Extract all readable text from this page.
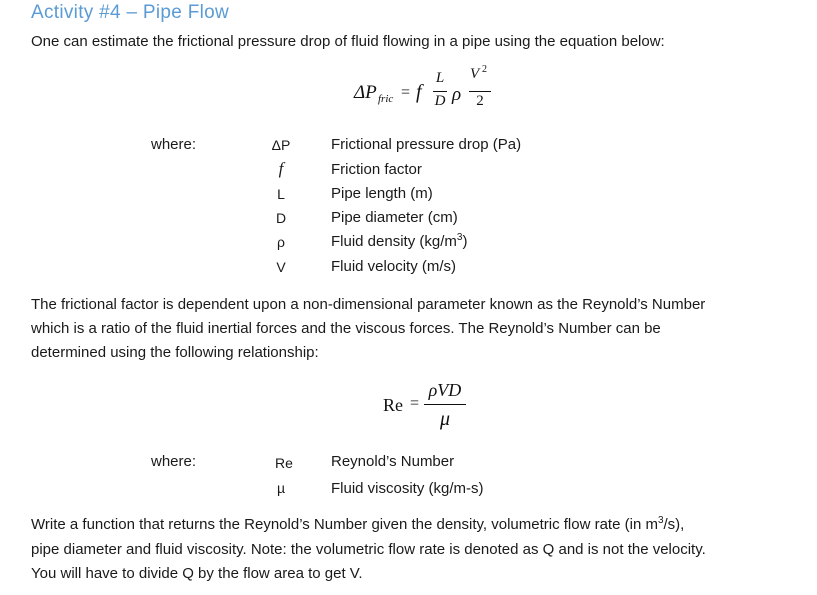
Activity #4 – Pipe Flow
One can estimate the frictional pressure drop of fluid flowing in a pipe using the equation below:
ΔP fric = f
L
D ρ
V 2
2
where:	ΔP	Frictional pressure drop (Pa)
f	Friction factor
L	Pipe length (m)
D	Pipe diameter (cm)
ρ	Fluid density $(kg/m^3)$
V	Fluid velocity (m/s)
The frictional factor is dependent upon a non-dimensional parameter known as the Reynold’s Number
which is a ratio of the fluid inertial forces and the viscous forces. The Reynold’s Number can be
determined using the following relationship:
Re =
ρVD
μ
where:	Re	Reynold’s Number
µ	Fluid viscosity (kg/m-s)
Write a function that returns the Reynold’s Number given the density, volumetric flow rate (in $m^3/s$),
pipe diameter and fluid viscosity. Note: the volumetric flow rate is denoted as Q and is not the velocity.
You will have to divide Q by the flow area to get V.
